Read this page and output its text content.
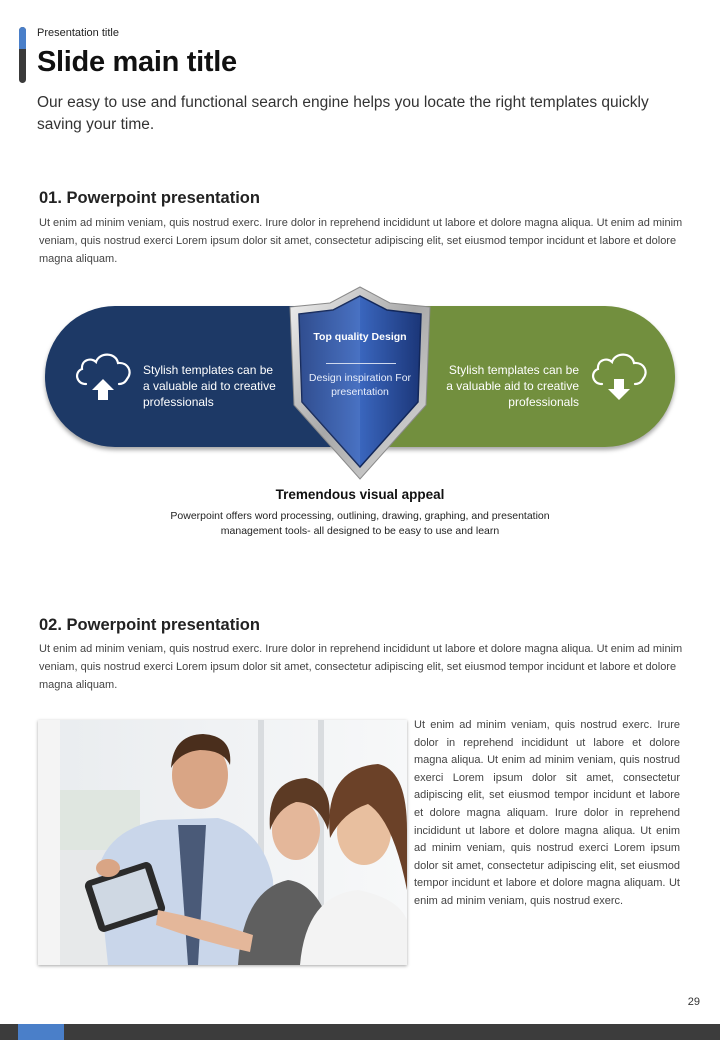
Presentation title
Slide main title
Our easy to use and functional search engine helps you locate the right templates quickly saving your time.
01. Powerpoint presentation
Ut enim ad minim veniam, quis nostrud exerc. Irure dolor in reprehend incididunt ut labore et dolore magna aliqua. Ut enim ad minim veniam, quis nostrud exerci Lorem ipsum dolor sit amet, consectetur adipiscing elit, set eiusmod tempor incidunt et labore et dolore magna aliquam.
Stylish templates can be a valuable aid to creative professionals
Stylish templates can be a valuable aid to creative professionals
Top quality Design
Design inspiration For presentation
Tremendous visual appeal
Powerpoint offers word processing, outlining, drawing, graphing, and presentation management tools- all designed to be easy to use and learn
02. Powerpoint presentation
Ut enim ad minim veniam, quis nostrud exerc. Irure dolor in reprehend incididunt ut labore et dolore magna aliqua. Ut enim ad minim veniam, quis nostrud exerci Lorem ipsum dolor sit amet, consectetur adipiscing elit, set eiusmod tempor incidunt et labore et dolore magna aliquam.
Ut enim ad minim veniam, quis nostrud exerc. Irure dolor in reprehend incididunt ut labore et dolore magna aliqua. Ut enim ad minim veniam, quis nostrud exerci Lorem ipsum dolor sit amet, consectetur adipiscing elit, set eiusmod tempor incidunt et labore et dolore magna aliquam. Irure dolor in reprehend incididunt ut labore et dolore magna aliqua. Ut enim ad minim veniam, quis nostrud exerci Lorem ipsum dolor sit amet, consectetur adipiscing elit, set eiusmod tempor incidunt et labore et dolore magna aliquam. Ut enim ad minim veniam, quis nostrud exerc.
29
